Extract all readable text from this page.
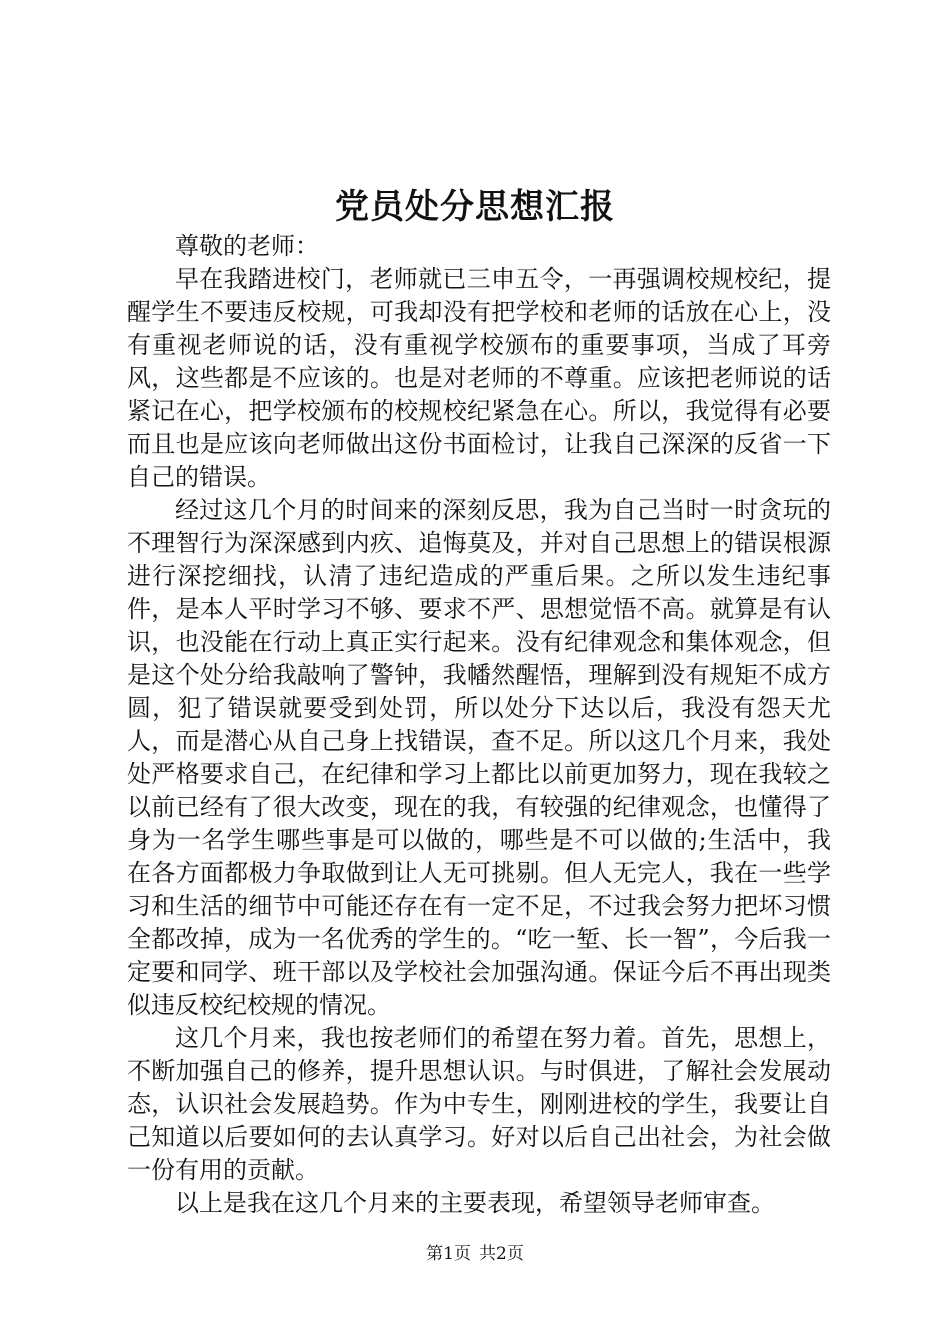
党员处分思想汇报

尊敬的老师：

早在我踏进校门，老师就已三申五令，一再强调校规校纪，提醒学生不要违反校规，可我却没有把学校和老师的话放在心上，没有重视老师说的话，没有重视学校颁布的重要事项，当成了耳旁风，这些都是不应该的。也是对老师的不尊重。应该把老师说的话紧记在心，把学校颁布的校规校纪紧急在心。所以，我觉得有必要而且也是应该向老师做出这份书面检讨，让我自己深深的反省一下自己的错误。

经过这几个月的时间来的深刻反思，我为自己当时一时贪玩的不理智行为深深感到内疚、追悔莫及，并对自己思想上的错误根源进行深挖细找，认清了违纪造成的严重后果。之所以发生违纪事件，是本人平时学习不够、要求不严、思想觉悟不高。就算是有认识，也没能在行动上真正实行起来。没有纪律观念和集体观念，但是这个处分给我敲响了警钟，我幡然醒悟，理解到没有规矩不成方圆，犯了错误就要受到处罚，所以处分下达以后，我没有怨天尤人，而是潜心从自己身上找错误，查不足。所以这几个月来，我处处严格要求自己，在纪律和学习上都比以前更加努力，现在我较之以前已经有了很大改变，现在的我，有较强的纪律观念，也懂得了身为一名学生哪些事是可以做的，哪些是不可以做的;生活中，我在各方面都极力争取做到让人无可挑剔。但人无完人，我在一些学习和生活的细节中可能还存在有一定不足，不过我会努力把坏习惯全都改掉，成为一名优秀的学生的。“吃一堑、长一智”，今后我一定要和同学、班干部以及学校社会加强沟通。保证今后不再出现类似违反校纪校规的情况。

这几个月来，我也按老师们的希望在努力着。首先，思想上，不断加强自己的修养，提升思想认识。与时俱进，了解社会发展动态，认识社会发展趋势。作为中专生，刚刚进校的学生，我要让自己知道以后要如何的去认真学习。好对以后自己出社会，为社会做一份有用的贡献。

以上是我在这几个月来的主要表现，希望领导老师审查。

第1页 共2页
